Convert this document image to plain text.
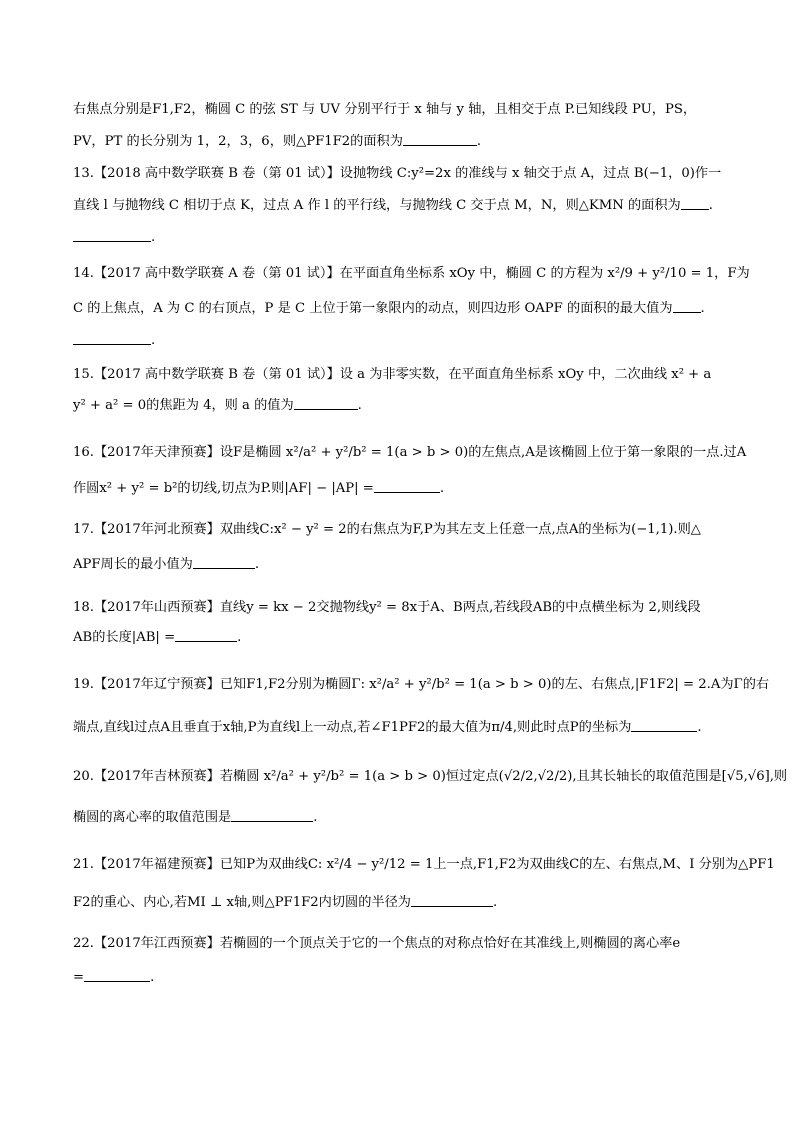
右焦点分别是F1,F2，椭圆 C 的弦 ST 与 UV 分别平行于 x 轴与 y 轴，且相交于点 P.已知线段 PU，PS，
PV，PT 的长分别为 1，2，3，6，则△PF1F2的面积为	.
13.【2018 高中数学联赛 B 卷（第 01 试）】设抛物线 C:y²=2x 的准线与 x 轴交于点 A，过点 B(−1，0)作一
直线 l 与抛物线 C 相切于点 K，过点 A 作 l 的平行线，与抛物线 C 交于点 M，N，则△KMN 的面积为 .
.
14.【2017 高中数学联赛 A 卷（第 01 试）】在平面直角坐标系 xOy 中，椭圆 C 的方程为 x²/9 + y²/10 = 1，F为
C 的上焦点，A 为 C 的右顶点，P 是 C 上位于第一象限内的动点，则四边形 OAPF 的面积的最大值为 .
.
15.【2017 高中数学联赛 B 卷（第 01 试）】设 a 为非零实数，在平面直角坐标系 xOy 中，二次曲线 x² + a
y² + a² = 0的焦距为 4，则 a 的值为	.
16.【2017年天津预赛】设F是椭圆 x²/a² + y²/b² = 1(a > b > 0)的左焦点,A是该椭圆上位于第一象限的一点.过A
作圆x² + y² = b²的切线,切点为P.则|AF| − |AP| =	.
17.【2017年河北预赛】双曲线C:x² − y² = 2的右焦点为F,P为其左支上任意一点,点A的坐标为(−1,1).则△
APF周长的最小值为	.
18.【2017年山西预赛】直线y = kx − 2交抛物线y² = 8x于A、B两点,若线段AB的中点横坐标为 2,则线段
AB的长度|AB| =	.
19.【2017年辽宁预赛】已知F1,F2分别为椭圆Γ: x²/a² + y²/b² = 1(a > b > 0)的左、右焦点,|F1F2| = 2.A为Γ的右
端点,直线l过点A且垂直于x轴,P为直线l上一动点,若∠F1PF2的最大值为π/4,则此时点P的坐标为	.
20.【2017年吉林预赛】若椭圆 x²/a² + y²/b² = 1(a > b > 0)恒过定点(√2/2,√2/2),且其长轴长的取值范围是[√5,√6],则
椭圆的离心率的取值范围是	.
21.【2017年福建预赛】已知P为双曲线C: x²/4 − y²/12 = 1上一点,F1,F2为双曲线C的左、右焦点,M、I 分别为△PF1
F2的重心、内心,若MI ⊥ x轴,则△PF1F2内切圆的半径为	.
22.【2017年江西预赛】若椭圆的一个顶点关于它的一个焦点的对称点恰好在其准线上,则椭圆的离心率e
=	.
